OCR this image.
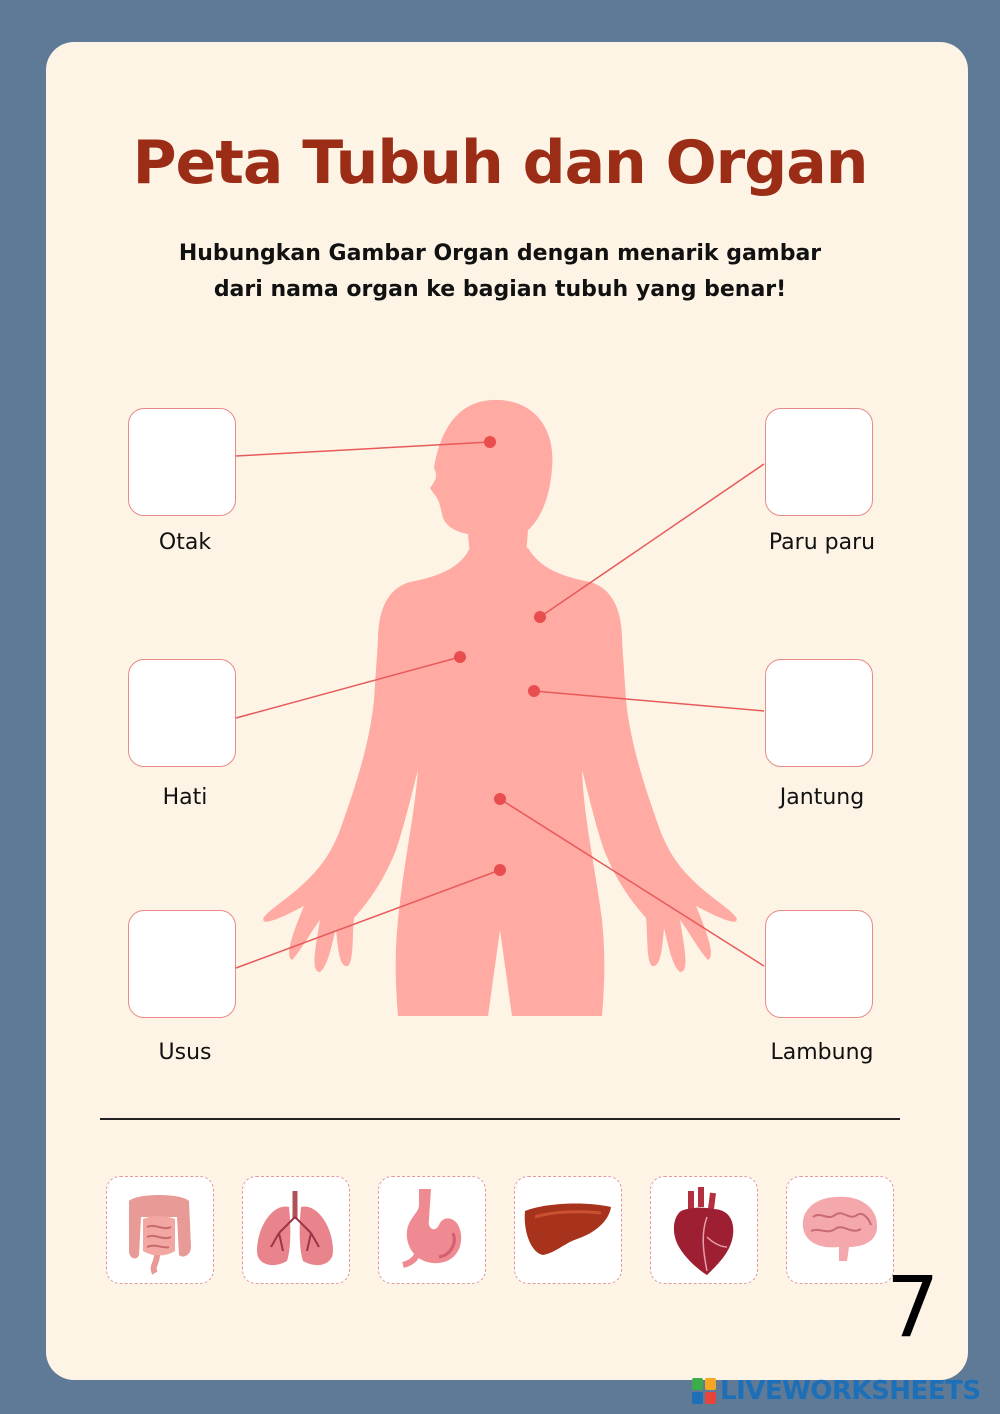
Peta Tubuh dan Organ
Hubungkan Gambar Organ dengan menarik gambar
dari nama organ ke bagian tubuh yang benar!
Otak	Paru paru
Hati	Jantung
Usus	Lambung
7
LIVEWORKSHEETS
